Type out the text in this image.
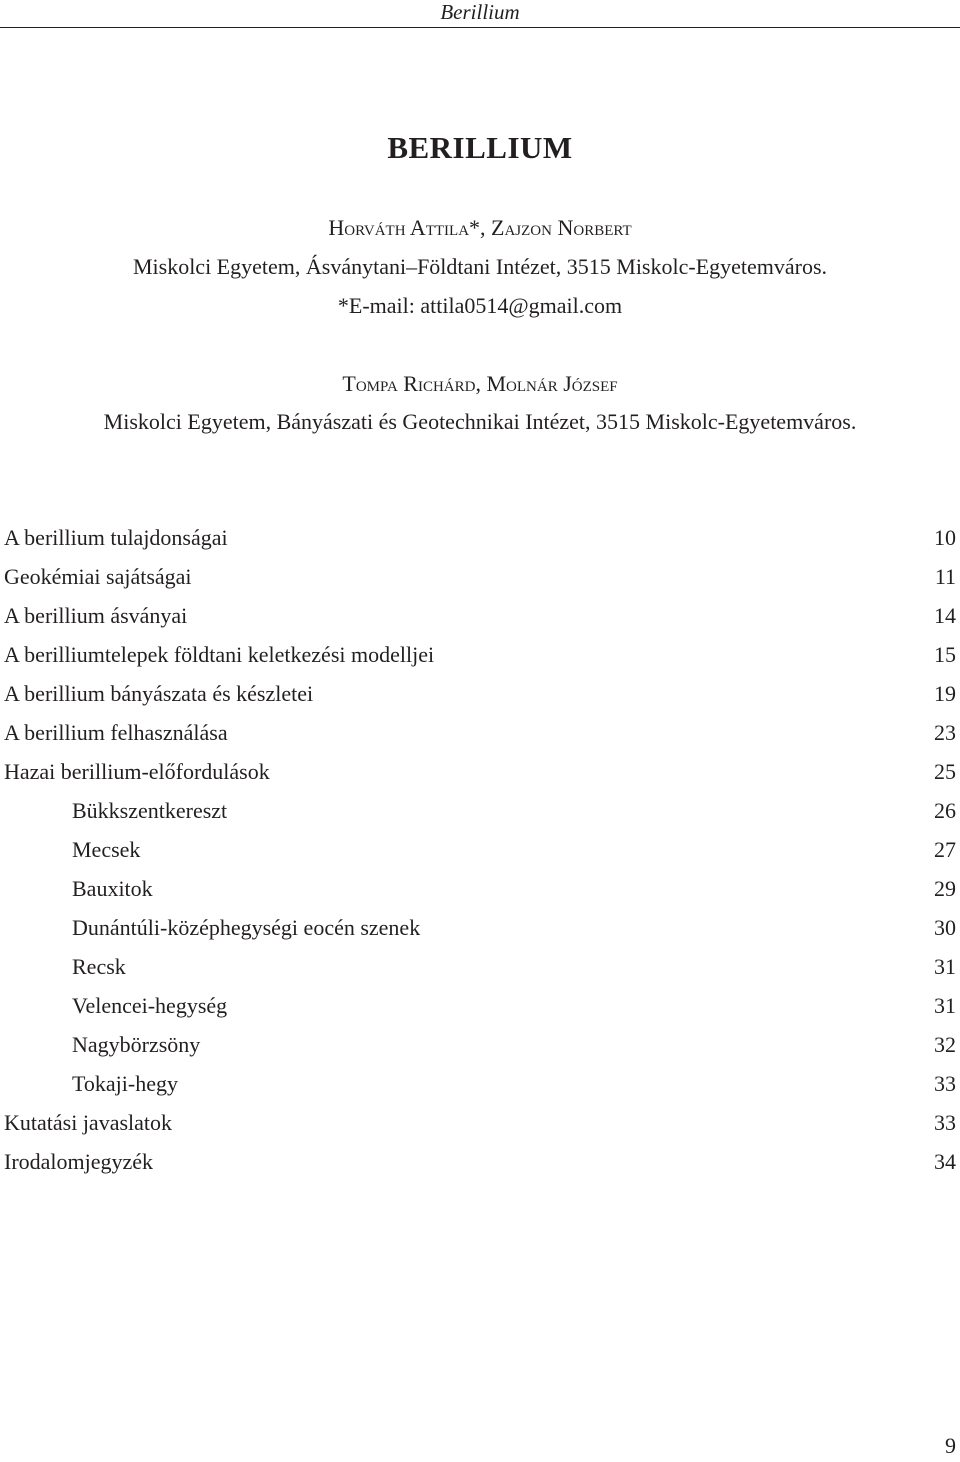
Berillium
BERILLIUM
Horváth Attila*, Zajzon Norbert
Miskolci Egyetem, Ásványtani–Földtani Intézet, 3515 Miskolc-Egyetemváros.
*E-mail: attila0514@gmail.com
Tompa Richárd, Molnár József
Miskolci Egyetem, Bányászati és Geotechnikai Intézet, 3515 Miskolc-Egyetemváros.
A berillium tulajdonságai	10
Geokémiai sajátságai	11
A berillium ásványai	14
A berilliumtelepek földtani keletkezési modelljei	15
A berillium bányászata és készletei	19
A berillium felhasználása	23
Hazai berillium-előfordulások	25
Bükkszentkereszt	26
Mecsek	27
Bauxitok	29
Dunántúli-középhegységi eocén szenek	30
Recsk	31
Velencei-hegység	31
Nagybörzsöny	32
Tokaji-hegy	33
Kutatási javaslatok	33
Irodalomjegyzék	34
9
